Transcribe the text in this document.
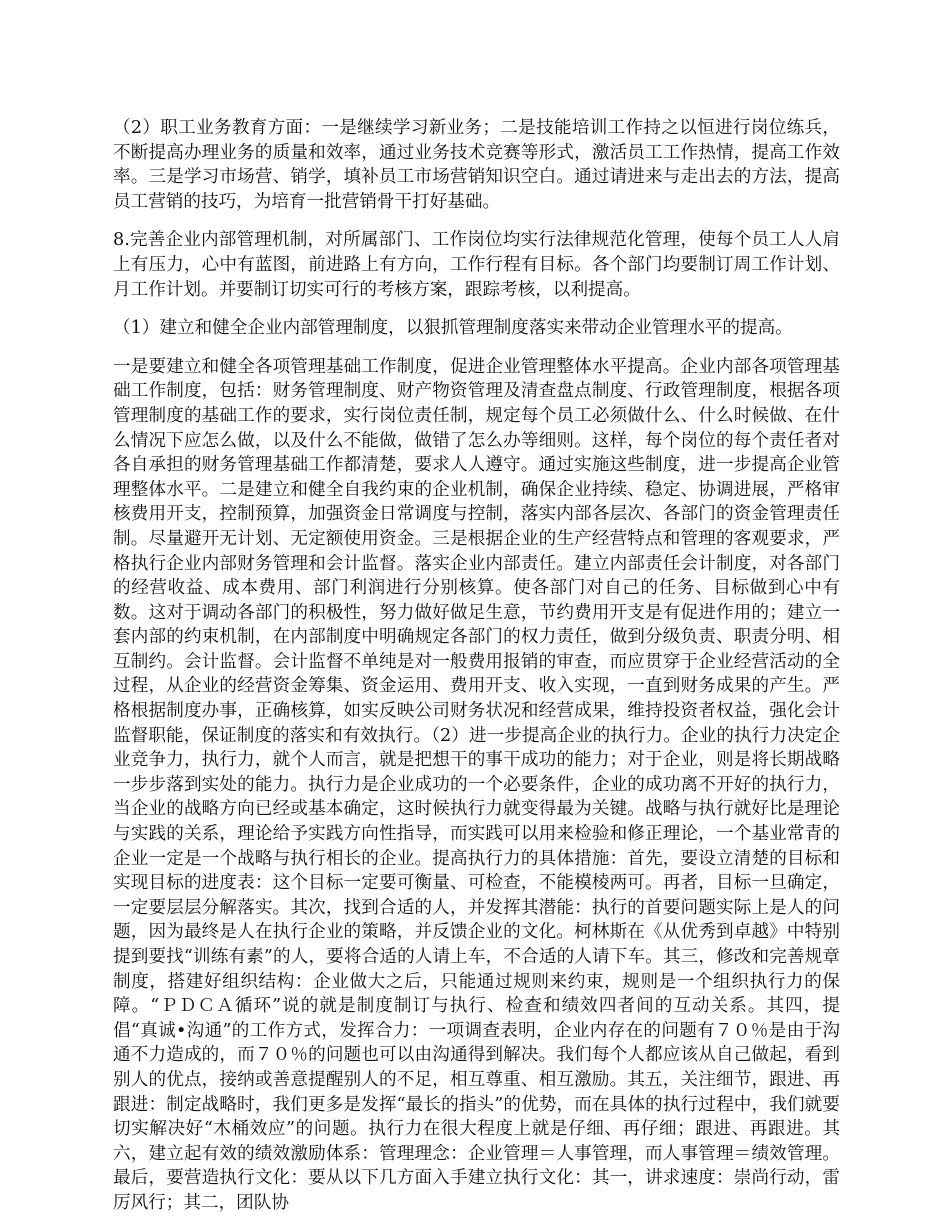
（2）职工业务教育方面：一是继续学习新业务；二是技能培训工作持之以恒进行岗位练兵，不断提高办理业务的质量和效率，通过业务技术竞赛等形式，激活员工工作热情，提高工作效率。三是学习市场营、销学，填补员工市场营销知识空白。通过请进来与走出去的方法，提高员工营销的技巧，为培育一批营销骨干打好基础。

8.完善企业内部管理机制，对所属部门、工作岗位均实行法律规范化管理，使每个员工人人肩上有压力，心中有蓝图，前进路上有方向，工作行程有目标。各个部门均要制订周工作计划、月工作计划。并要制订切实可行的考核方案，跟踪考核，以利提高。

（1）建立和健全企业内部管理制度，以狠抓管理制度落实来带动企业管理水平的提高。

一是要建立和健全各项管理基础工作制度，促进企业管理整体水平提高。企业内部各项管理基础工作制度，包括：财务管理制度、财产物资管理及清查盘点制度、行政管理制度，根据各项管理制度的基础工作的要求，实行岗位责任制，规定每个员工必须做什么、什么时候做、在什么情况下应怎么做，以及什么不能做，做错了怎么办等细则。这样，每个岗位的每个责任者对各自承担的财务管理基础工作都清楚，要求人人遵守。通过实施这些制度，进一步提高企业管理整体水平。二是建立和健全自我约束的企业机制，确保企业持续、稳定、协调进展，严格审核费用开支，控制预算，加强资金日常调度与控制，落实内部各层次、各部门的资金管理责任制。尽量避开无计划、无定额使用资金。三是根据企业的生产经营特点和管理的客观要求，严格执行企业内部财务管理和会计监督。落实企业内部责任。建立内部责任会计制度，对各部门的经营收益、成本费用、部门利润进行分别核算。使各部门对自己的任务、目标做到心中有数。这对于调动各部门的积极性，努力做好做足生意，节约费用开支是有促进作用的；建立一套内部的约束机制，在内部制度中明确规定各部门的权力责任，做到分级负责、职责分明、相互制约。会计监督。会计监督不单纯是对一般费用报销的审查，而应贯穿于企业经营活动的全过程，从企业的经营资金筹集、资金运用、费用开支、收入实现，一直到财务成果的产生。严格根据制度办事，正确核算，如实反映公司财务状况和经营成果，维持投资者权益，强化会计监督职能，保证制度的落实和有效执行。（2）进一步提高企业的执行力。企业的执行力决定企业竞争力，执行力，就个人而言，就是把想干的事干成功的能力；对于企业，则是将长期战略一步步落到实处的能力。执行力是企业成功的一个必要条件，企业的成功离不开好的执行力，当企业的战略方向已经或基本确定，这时候执行力就变得最为关键。战略与执行就好比是理论与实践的关系，理论给予实践方向性指导，而实践可以用来检验和修正理论，一个基业常青的企业一定是一个战略与执行相长的企业。提高执行力的具体措施：首先，要设立清楚的目标和实现目标的进度表：这个目标一定要可衡量、可检查，不能模棱两可。再者，目标一旦确定，一定要层层分解落实。其次，找到合适的人，并发挥其潜能：执行的首要问题实际上是人的问题，因为最终是人在执行企业的策略，并反馈企业的文化。柯林斯在《从优秀到卓越》中特别提到要找“训练有素”的人，要将合适的人请上车，不合适的人请下车。其三，修改和完善规章制度，搭建好组织结构：企业做大之后，只能通过规则来约束，规则是一个组织执行力的保障。“ＰＤＣＡ循环”说的就是制度制订与执行、检查和绩效四者间的互动关系。其四，提倡“真诚•沟通”的工作方式，发挥合力：一项调查表明，企业内存在的问题有７０％是由于沟通不力造成的，而７０％的问题也可以由沟通得到解决。我们每个人都应该从自己做起，看到别人的优点，接纳或善意提醒别人的不足，相互尊重、相互激励。其五，关注细节，跟进、再跟进：制定战略时，我们更多是发挥“最长的指头”的优势，而在具体的执行过程中，我们就要切实解决好“木桶效应”的问题。执行力在很大程度上就是仔细、再仔细；跟进、再跟进。其六，建立起有效的绩效激励体系：管理理念：企业管理＝人事管理，而人事管理＝绩效管理。最后，要营造执行文化：要从以下几方面入手建立执行文化：其一，讲求速度：崇尚行动，雷厉风行；其二，团队协
